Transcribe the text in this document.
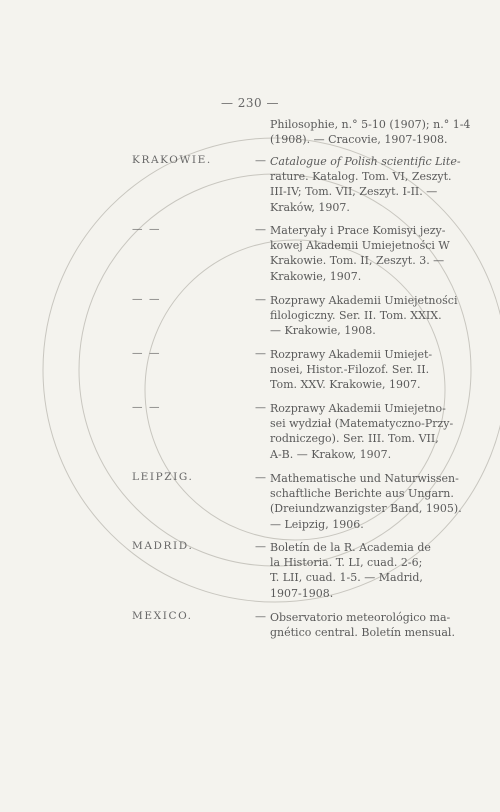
— 230 —
Philosophie, n.° 5-10 (1907); n.° 1-4
(1908). — Cracovie, 1907-1908.
KRAKOWIE.	— Catalogue of Polish scientific Lite-
rature. Katalog. Tom. VI, Zeszyt.
III-IV; Tom. VII, Zeszyt. I-II. —
Kraków, 1907.
— —	— Materyały i Prace Komisyi jezy-
kowej Akademii Umiejetności W
Krakowie. Tom. II, Zeszyt. 3. —
Krakowie, 1907.
— —	— Rozprawy Akademii Umiejetności
filologiczny. Ser. II. Tom. XXIX.
— Krakowie, 1908.
— —	— Rozprawy Akademii Umiejet-
nosei, Histor.-Filozof. Ser. II.
Tom. XXV. Krakowie, 1907.
— —	— Rozprawy Akademii Umiejetno-
sei wydział (Matematyczno-Przy-
rodniczego). Ser. III. Tom. VII,
A-B. — Krakow, 1907.
LEIPZIG.	— Mathematische und Naturwissen-
schaftliche Berichte aus Ungarn.
(Dreiundzwanzigster Band, 1905).
— Leipzig, 1906.
MADRID.	— Boletín de la R. Academia de
la Historia. T. LI, cuad. 2-6;
T. LII, cuad. 1-5. — Madrid,
1907-1908.
MEXICO.	— Observatorio meteorológico ma-
gnético central. Boletín mensual.
